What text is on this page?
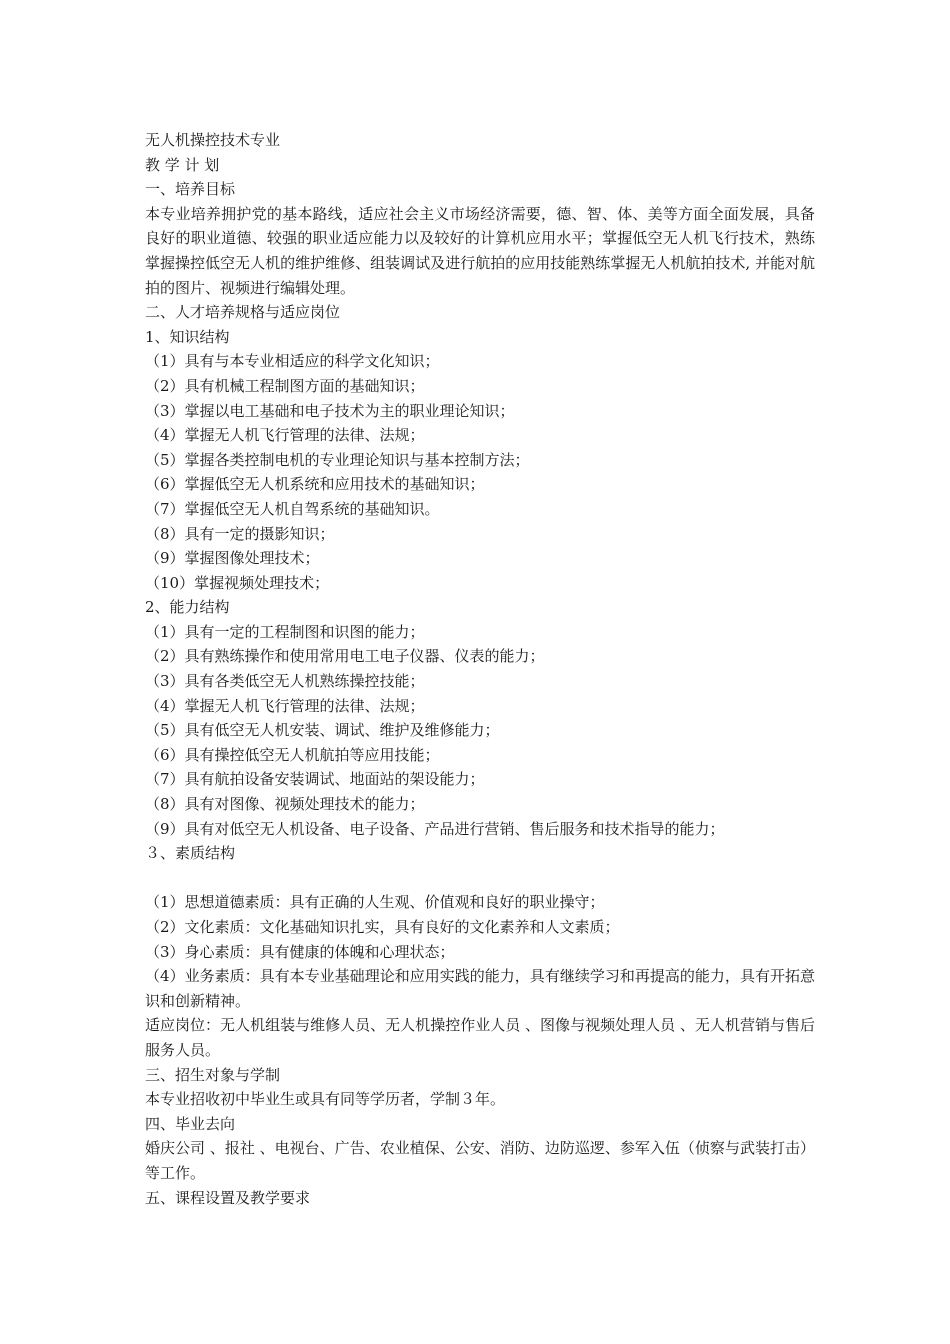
无人机操控技术专业
教 学 计 划
一、培养目标
本专业培养拥护党的基本路线，适应社会主义市场经济需要，德、智、体、美等方面全面发展，具备良好的职业道德、较强的职业适应能力以及较好的计算机应用水平；掌握低空无人机飞行技术，熟练掌握操控低空无人机的维护维修、组装调试及进行航拍的应用技能熟练掌握无人机航拍技术, 并能对航拍的图片、视频进行编辑处理。
二、人才培养规格与适应岗位
1、知识结构
（1）具有与本专业相适应的科学文化知识；
（2）具有机械工程制图方面的基础知识；
（3）掌握以电工基础和电子技术为主的职业理论知识；
（4）掌握无人机飞行管理的法律、法规；
（5）掌握各类控制电机的专业理论知识与基本控制方法；
（6）掌握低空无人机系统和应用技术的基础知识；
（7）掌握低空无人机自驾系统的基础知识。
（8）具有一定的摄影知识；
（9）掌握图像处理技术；
（10）掌握视频处理技术；
2、能力结构
（1）具有一定的工程制图和识图的能力；
（2）具有熟练操作和使用常用电工电子仪器、仪表的能力；
（3）具有各类低空无人机熟练操控技能；
（4）掌握无人机飞行管理的法律、法规；
（5）具有低空无人机安装、调试、维护及维修能力；
（6）具有操控低空无人机航拍等应用技能；
（7）具有航拍设备安装调试、地面站的架设能力；
（8）具有对图像、视频处理技术的能力；
（9）具有对低空无人机设备、电子设备、产品进行营销、售后服务和技术指导的能力；
３、素质结构
（1）思想道德素质：具有正确的人生观、价值观和良好的职业操守；
（2）文化素质：文化基础知识扎实，具有良好的文化素养和人文素质；
（3）身心素质：具有健康的体魄和心理状态；
（4）业务素质：具有本专业基础理论和应用实践的能力，具有继续学习和再提高的能力，具有开拓意识和创新精神。
适应岗位：无人机组装与维修人员、无人机操控作业人员 、图像与视频处理人员 、无人机营销与售后服务人员。
三、招生对象与学制
本专业招收初中毕业生或具有同等学历者，学制３年。
四、毕业去向
婚庆公司 、报社 、电视台、广告、农业植保、公安、消防、边防巡逻、参军入伍（侦察与武装打击）等工作。
五、课程设置及教学要求
